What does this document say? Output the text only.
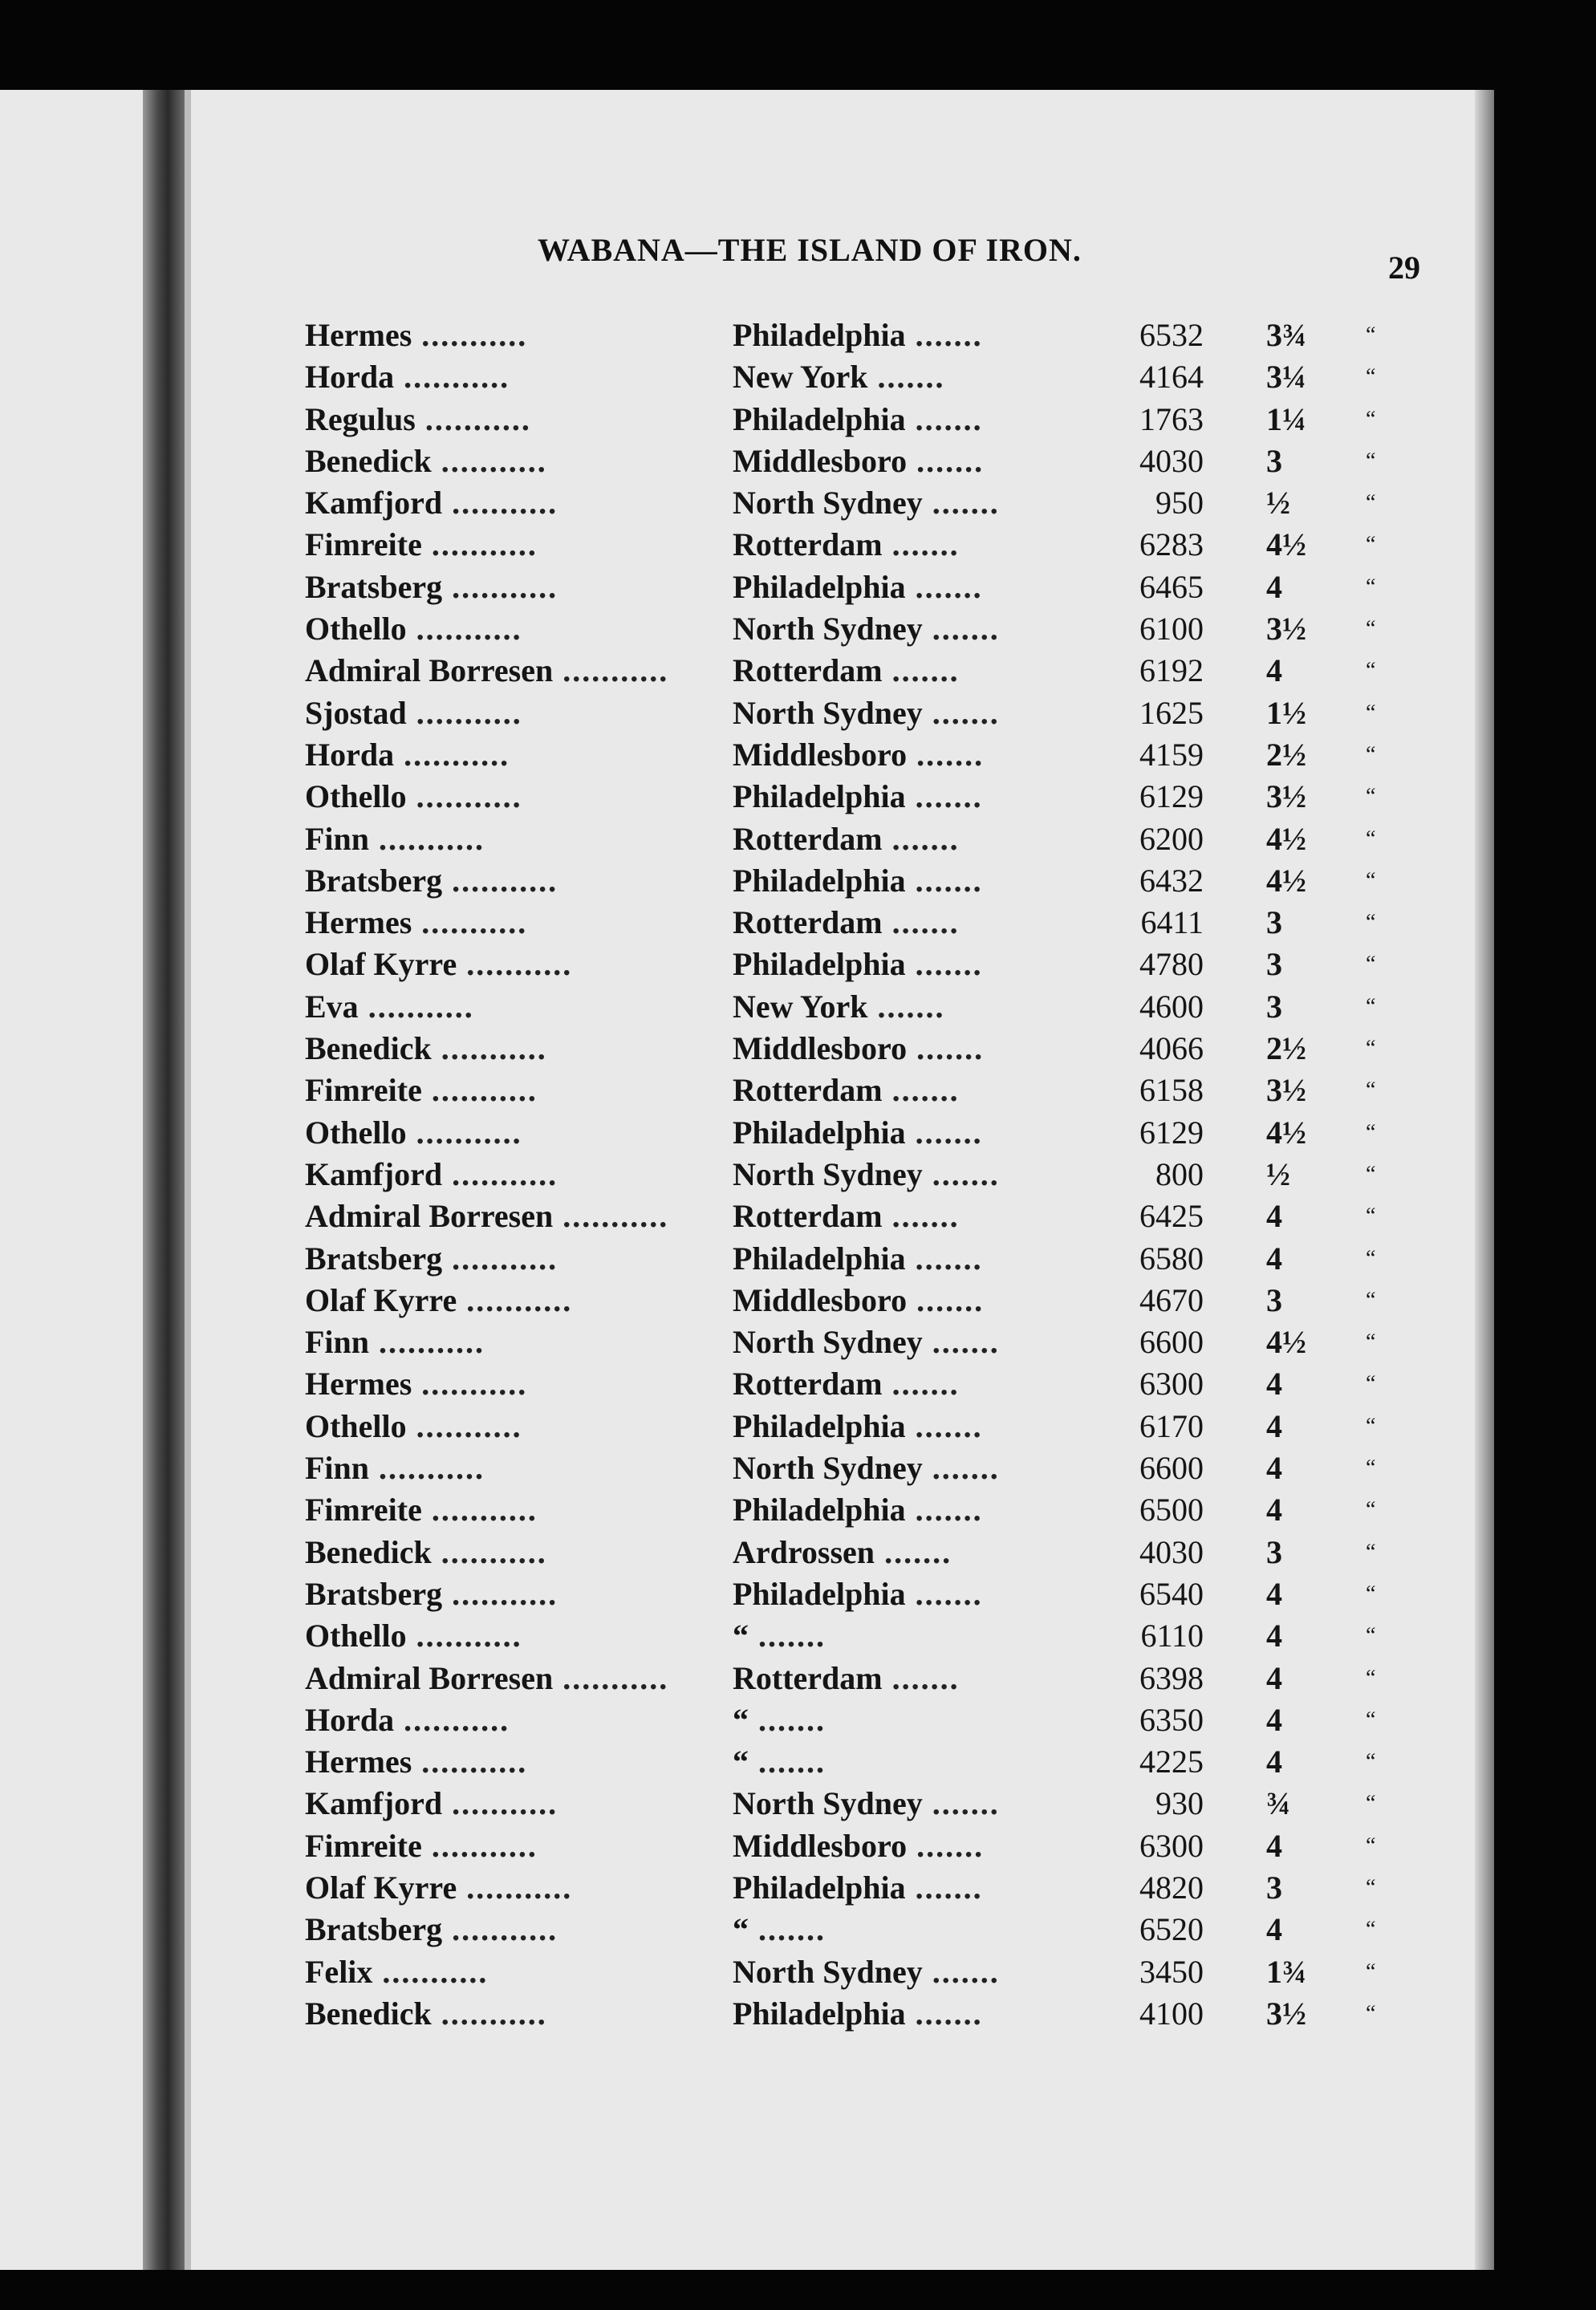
WABANA—THE ISLAND OF IRON.	29
Hermes ...........	Philadelphia .......	6532 3¾	“
Horda ...........	New York .......	4164 3¼	“
Regulus ...........	Philadelphia .......	1763 1¼	“
Benedick ...........	Middlesboro .......	4030 3	“
Kamfjord ...........	North Sydney .......	950 ½	“
Fimreite ...........	Rotterdam .......	6283 4½	“
Bratsberg ...........	Philadelphia .......	6465 4	“
Othello ...........	North Sydney .......	6100 3½	“
Admiral Borresen ...........	Rotterdam .......	6192 4	“
Sjostad ...........	North Sydney .......	1625 1½	“
Horda ...........	Middlesboro .......	4159 2½	“
Othello ...........	Philadelphia .......	6129 3½	“
Finn ...........	Rotterdam .......	6200 4½	“
Bratsberg ...........	Philadelphia .......	6432 4½	“
Hermes ...........	Rotterdam .......	6411 3	“
Olaf Kyrre ...........	Philadelphia .......	4780 3	“
Eva ...........	New York .......	4600 3	“
Benedick ...........	Middlesboro .......	4066 2½	“
Fimreite ...........	Rotterdam .......	6158 3½	“
Othello ...........	Philadelphia .......	6129 4½	“
Kamfjord ...........	North Sydney .......	800 ½	“
Admiral Borresen ...........	Rotterdam .......	6425 4	“
Bratsberg ...........	Philadelphia .......	6580 4	“
Olaf Kyrre ...........	Middlesboro .......	4670 3	“
Finn ...........	North Sydney .......	6600 4½	“
Hermes ...........	Rotterdam .......	6300 4	“
Othello ...........	Philadelphia .......	6170 4	“
Finn ...........	North Sydney .......	6600 4	“
Fimreite ...........	Philadelphia .......	6500 4	“
Benedick ...........	Ardrossen .......	4030 3	“
Bratsberg ...........	Philadelphia .......	6540 4	“
Othello ...........	“ .......	6110 4	“
Admiral Borresen ...........	Rotterdam .......	6398 4	“
Horda ...........	“ .......	6350 4	“
Hermes ...........	“ .......	4225 4	“
Kamfjord ...........	North Sydney .......	930 ¾	“
Fimreite ...........	Middlesboro .......	6300 4	“
Olaf Kyrre ...........	Philadelphia .......	4820 3	“
Bratsberg ...........	“ .......	6520 4	“
Felix ...........	North Sydney .......	3450 1¾	“
Benedick ...........	Philadelphia .......	4100 3½	“
